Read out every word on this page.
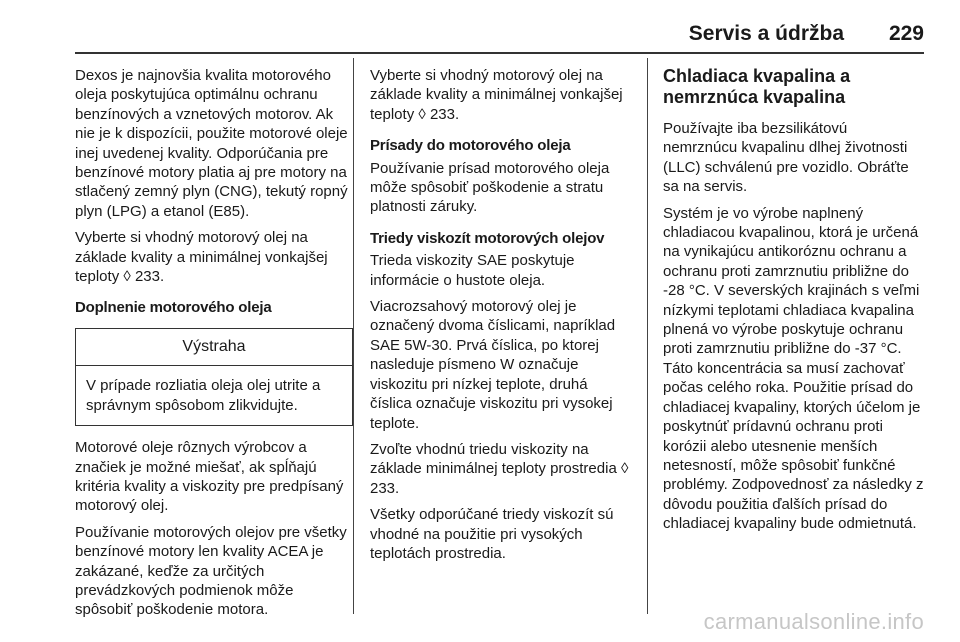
Servis a údržba 229

Dexos je najnovšia kvalita motorového oleja poskytujúca optimálnu ochranu benzínových a vznetových motorov. Ak nie je k dispozícii, použite motorové oleje inej uvedenej kvality. Odporúčania pre benzínové motory platia aj pre motory na stlačený zemný plyn (CNG), tekutý ropný plyn (LPG) a etanol (E85).

Vyberte si vhodný motorový olej na základe kvality a minimálnej vonkajšej teploty ◊ 233.

Doplnenie motorového oleja

Výstraha
V prípade rozliatia oleja olej utrite a správnym spôsobom zlikvidujte.

Motorové oleje rôznych výrobcov a značiek je možné miešať, ak spĺňajú kritéria kvality a viskozity pre predpísaný motorový olej.

Používanie motorových olejov pre všetky benzínové motory len kvality ACEA je zakázané, keďže za určitých prevádzkových podmienok môže spôsobiť poškodenie motora.

Vyberte si vhodný motorový olej na základe kvality a minimálnej vonkajšej teploty ◊ 233.

Prísady do motorového oleja

Používanie prísad motorového oleja môže spôsobiť poškodenie a stratu platnosti záruky.

Triedy viskozít motorových olejov

Trieda viskozity SAE poskytuje informácie o hustote oleja.

Viacrozsahový motorový olej je označený dvoma číslicami, napríklad SAE 5W-30. Prvá číslica, po ktorej nasleduje písmeno W označuje viskozitu pri nízkej teplote, druhá číslica označuje viskozitu pri vysokej teplote.

Zvoľte vhodnú triedu viskozity na základe minimálnej teploty prostredia ◊ 233.

Všetky odporúčané triedy viskozít sú vhodné na použitie pri vysokých teplotách prostredia.

Chladiaca kvapalina a nemrznúca kvapalina

Používajte iba bezsilikátovú nemrznúcu kvapalinu dlhej životnosti (LLC) schválenú pre vozidlo. Obráťte sa na servis.

Systém je vo výrobe naplnený chladiacou kvapalinou, ktorá je určená na vynikajúcu antikoróznu ochranu a ochranu proti zamrznutiu približne do -28 °C. V severských krajinách s veľmi nízkymi teplotami chladiaca kvapalina plnená vo výrobe poskytuje ochranu proti zamrznutiu približne do -37 °C. Táto koncentrácia sa musí zachovať počas celého roka. Použitie prísad do chladiacej kvapaliny, ktorých účelom je poskytnúť prídavnú ochranu proti korózii alebo utesnenie menších netesností, môže spôsobiť funkčné problémy. Zodpovednosť za následky z dôvodu použitia ďalších prísad do chladiacej kvapaliny bude odmietnutá.

carmanualsonline.info
